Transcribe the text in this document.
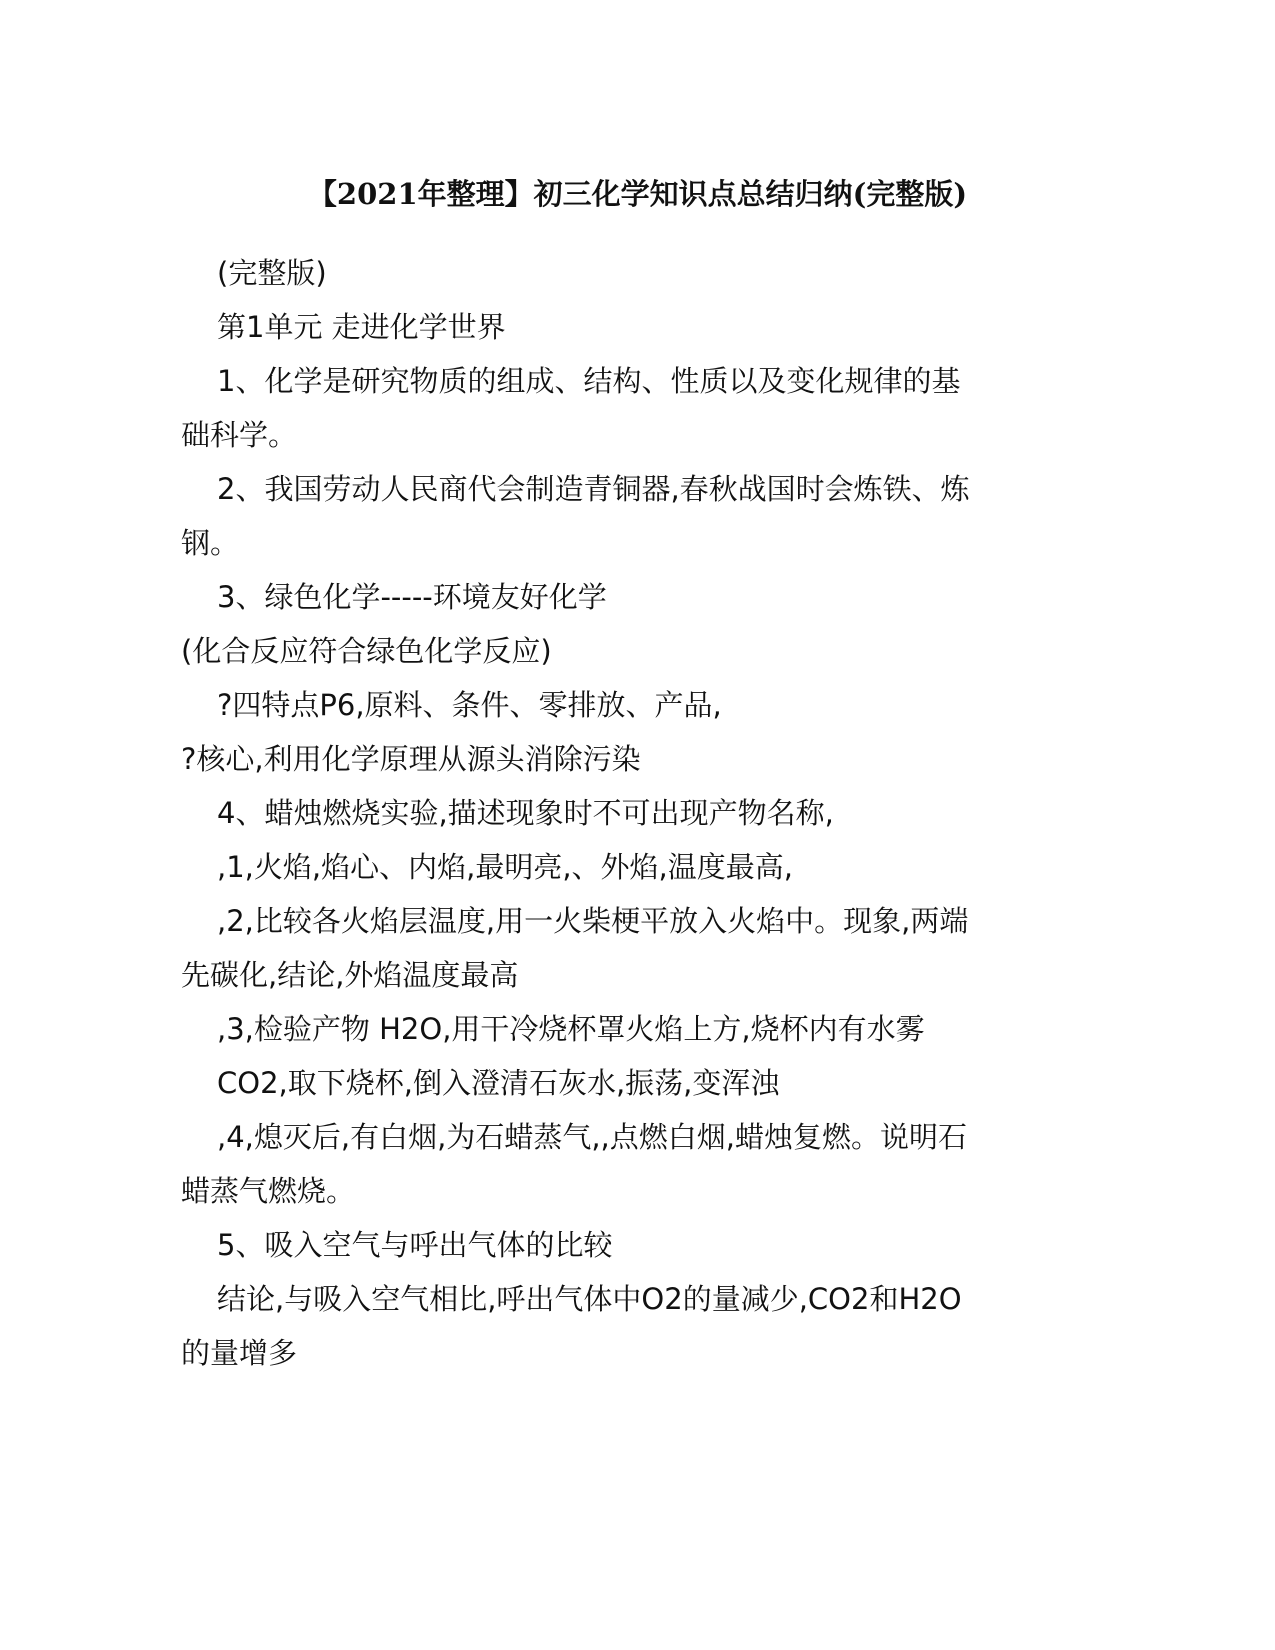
【2021年整理】初三化学知识点总结归纳(完整版)
(完整版)
第1单元 走进化学世界
1、化学是研究物质的组成、结构、性质以及变化规律的基
础科学。
2、我国劳动人民商代会制造青铜器,春秋战国时会炼铁、炼
钢。
3、绿色化学-----环境友好化学
(化合反应符合绿色化学反应)
?四特点P6,原料、条件、零排放、产品,
?核心,利用化学原理从源头消除污染
4、蜡烛燃烧实验,描述现象时不可出现产物名称,
,1,火焰,焰心、内焰,最明亮,、外焰,温度最高,
,2,比较各火焰层温度,用一火柴梗平放入火焰中。现象,两端
先碳化,结论,外焰温度最高
,3,检验产物 H2O,用干冷烧杯罩火焰上方,烧杯内有水雾
CO2,取下烧杯,倒入澄清石灰水,振荡,变浑浊
,4,熄灭后,有白烟,为石蜡蒸气,,点燃白烟,蜡烛复燃。说明石
蜡蒸气燃烧。
5、吸入空气与呼出气体的比较
结论,与吸入空气相比,呼出气体中O2的量减少,CO2和H2O
的量增多
